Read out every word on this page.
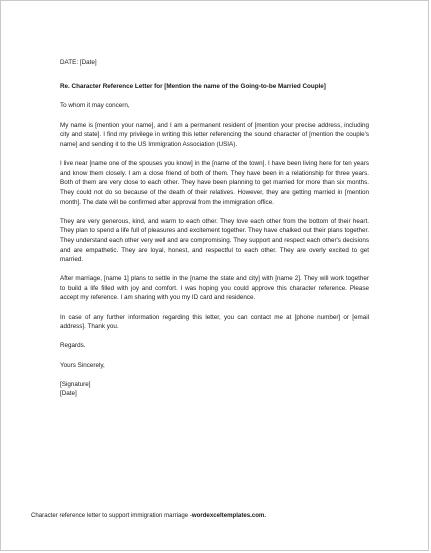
DATE: [Date]

Re. Character Reference Letter for [Mention the name of the Going-to-be Married Couple]

To whom it may concern,

My name is [mention your name], and I am a permanent resident of [mention your precise address, including city and state]. I find my privilege in writing this letter referencing the sound character of [mention the couple's name] and sending it to the US Immigration Association (USIA).

I live near [name one of the spouses you know] in the [name of the town]. I have been living here for ten years and know them closely. I am a close friend of both of them. They have been in a relationship for three years. Both of them are very close to each other. They have been planning to get married for more than six months. They could not do so because of the death of their relatives. However, they are getting married in [mention month]. The date will be confirmed after approval from the immigration office.

They are very generous, kind, and warm to each other. They love each other from the bottom of their heart. They plan to spend a life full of pleasures and excitement together. They have chalked out their plans together. They understand each other very well and are compromising. They support and respect each other's decisions and are empathetic. They are loyal, honest, and respectful to each other. They are overly excited to get married.

After marriage, [name 1] plans to settle in the [name the state and city] with [name 2]. They will work together to build a life filled with joy and comfort. I was hoping you could approve this character reference. Please accept my reference. I am sharing with you my ID card and residence.

In case of any further information regarding this letter, you can contact me at [phone number] or [email address]. Thank you.

Regards.

Yours Sincerely,

[Signature]

[Date]

Character reference letter to support immigration marriage -wordexceltemplates.com.
